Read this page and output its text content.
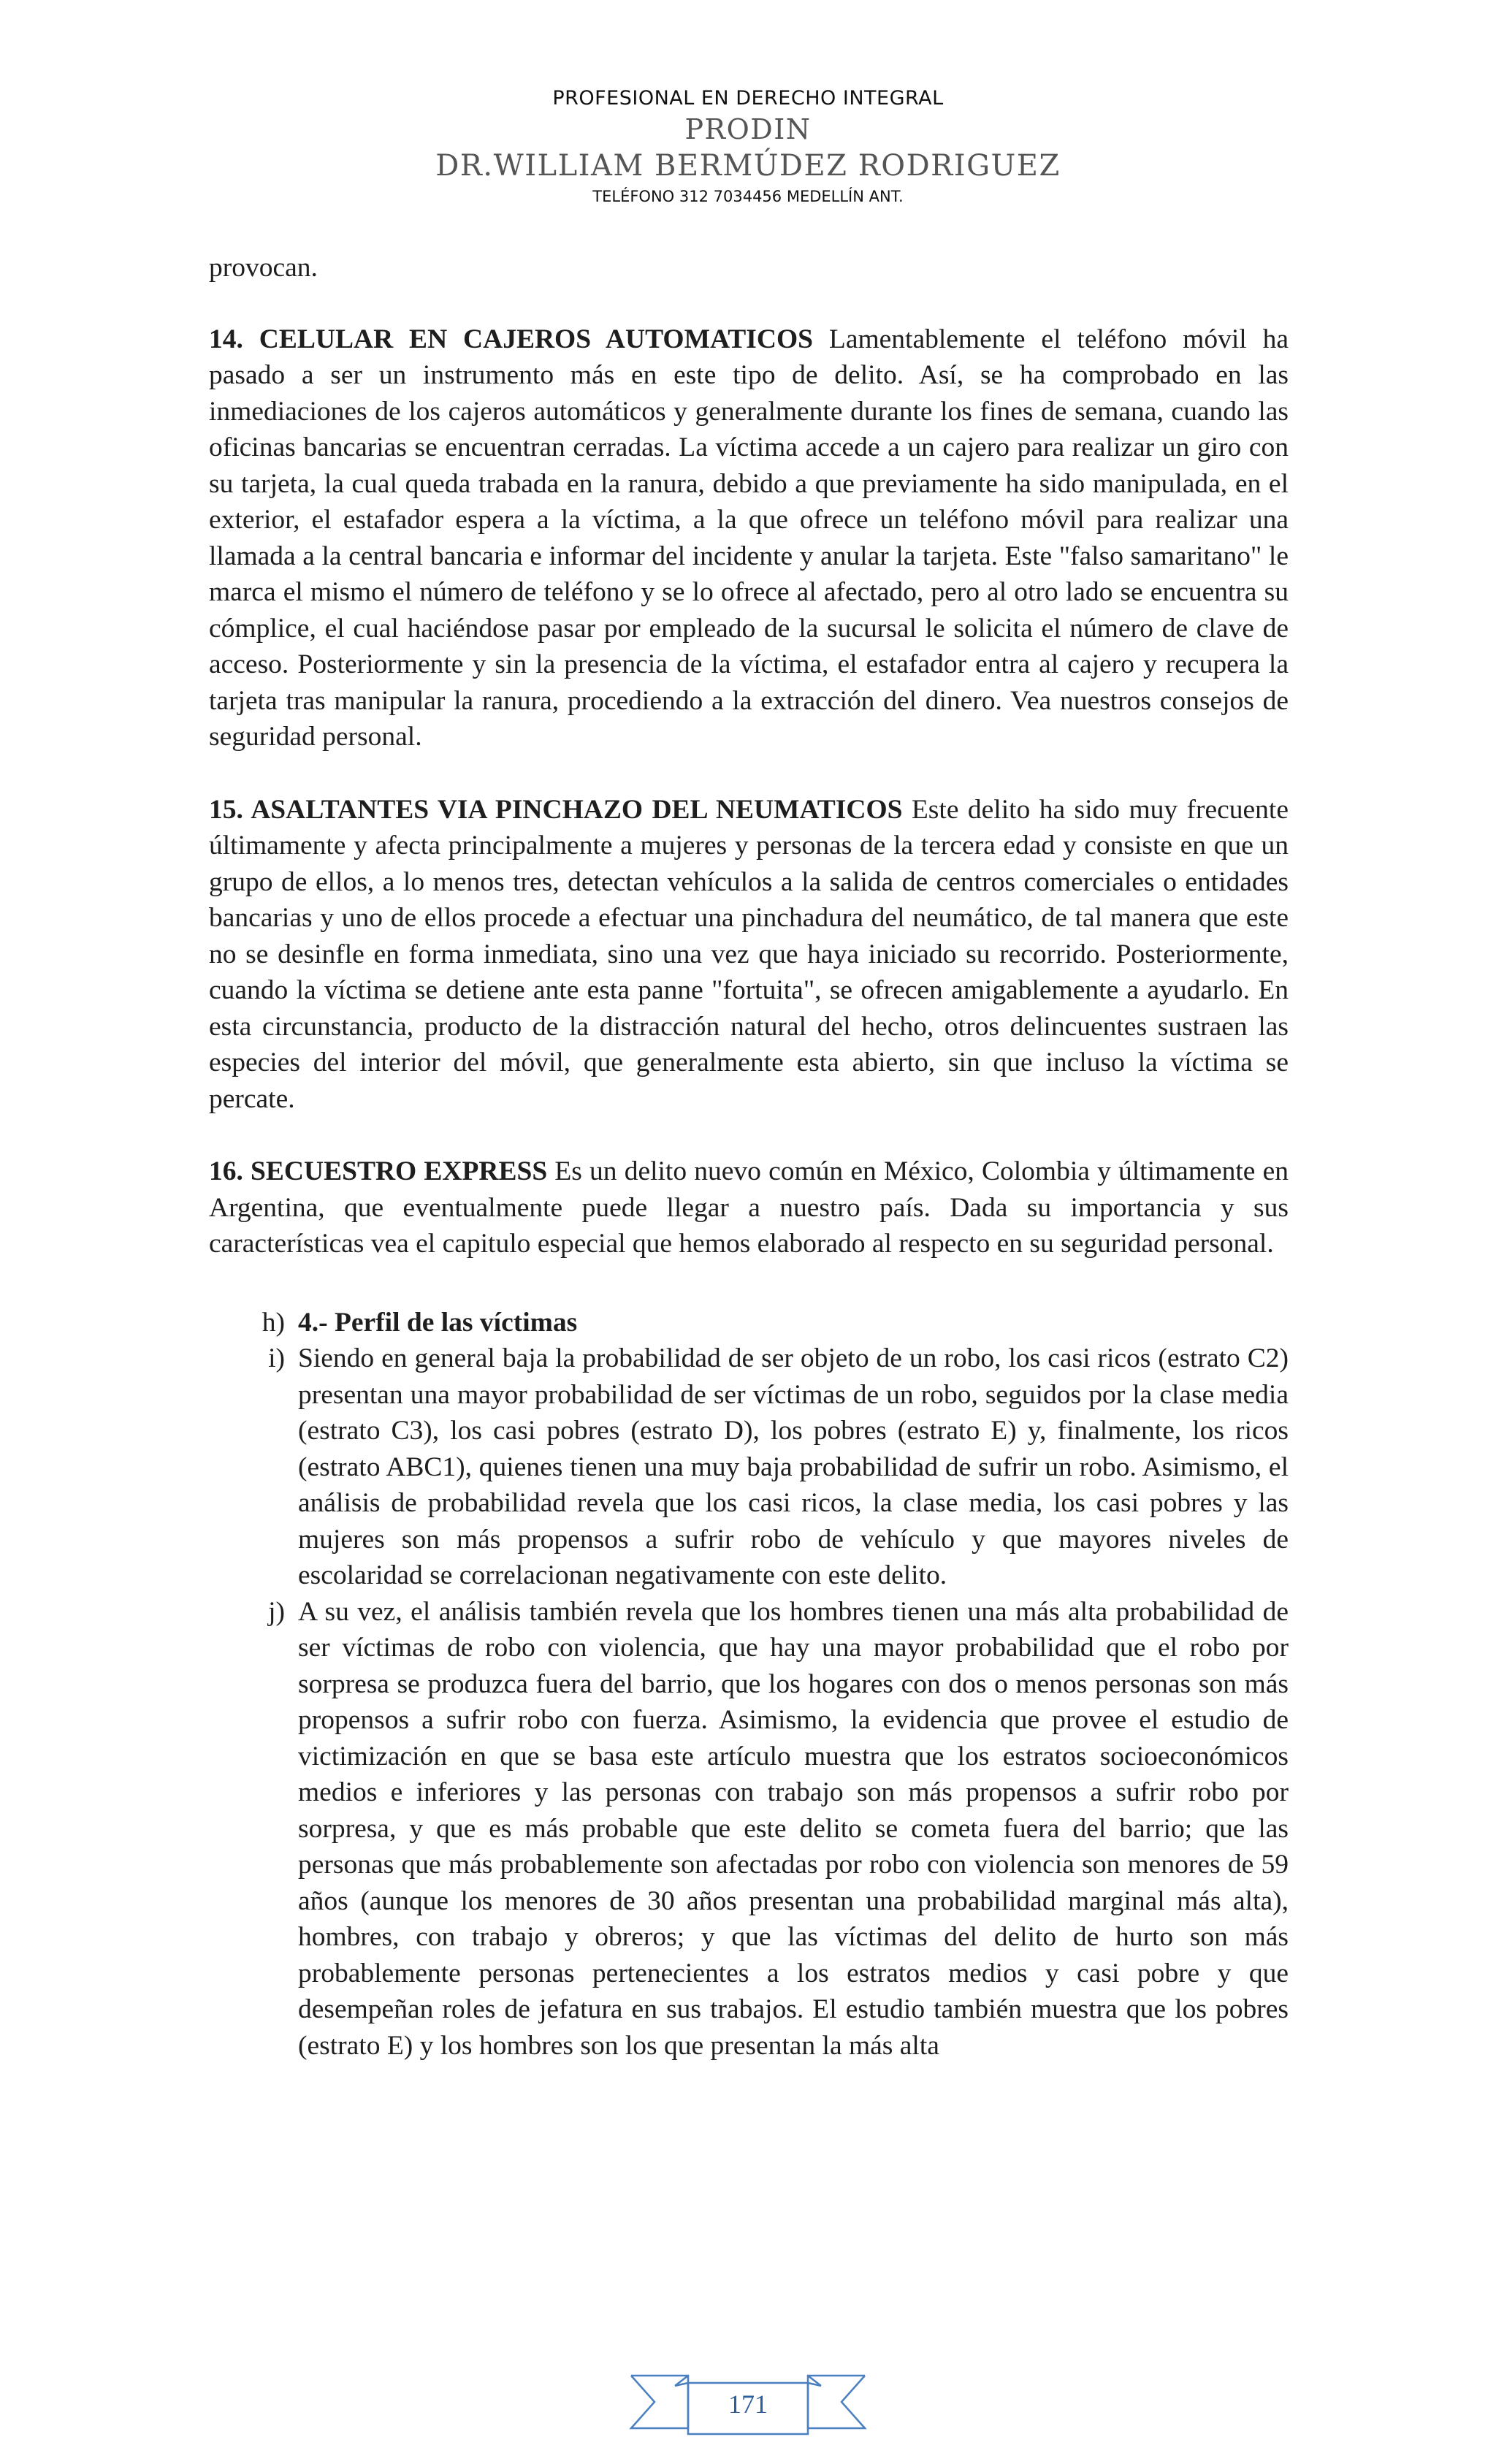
PROFESIONAL EN DERECHO INTEGRAL
PRODIN
DR.WILLIAM BERMÚDEZ RODRIGUEZ
TELÉFONO 312 7034456 MEDELLÍN ANT.

provocan.

14. CELULAR EN CAJEROS AUTOMATICOS Lamentablemente el teléfono móvil ha pasado a ser un instrumento más en este tipo de delito. Así, se ha comprobado en las inmediaciones de los cajeros automáticos y generalmente durante los fines de semana, cuando las oficinas bancarias se encuentran cerradas. La víctima accede a un cajero para realizar un giro con su tarjeta, la cual queda trabada en la ranura, debido a que previamente ha sido manipulada, en el exterior, el estafador espera a la víctima, a la que ofrece un teléfono móvil para realizar una llamada a la central bancaria e informar del incidente y anular la tarjeta. Este "falso samaritano" le marca el mismo el número de teléfono y se lo ofrece al afectado, pero al otro lado se encuentra su cómplice, el cual haciéndose pasar por empleado de la sucursal le solicita el número de clave de acceso. Posteriormente y sin la presencia de la víctima, el estafador entra al cajero y recupera la tarjeta tras manipular la ranura, procediendo a la extracción del dinero. Vea nuestros consejos de seguridad personal.

15. ASALTANTES VIA PINCHAZO DEL NEUMATICOS Este delito ha sido muy frecuente últimamente y afecta principalmente a mujeres y personas de la tercera edad y consiste en que un grupo de ellos, a lo menos tres, detectan vehículos a la salida de centros comerciales o entidades bancarias y uno de ellos procede a efectuar una pinchadura del neumático, de tal manera que este no se desinfle en forma inmediata, sino una vez que haya iniciado su recorrido. Posteriormente, cuando la víctima se detiene ante esta panne "fortuita", se ofrecen amigablemente a ayudarlo. En esta circunstancia, producto de la distracción natural del hecho, otros delincuentes sustraen las especies del interior del móvil, que generalmente esta abierto, sin que incluso la víctima se percate.

16. SECUESTRO EXPRESS Es un delito nuevo común en México, Colombia y últimamente en Argentina, que eventualmente puede llegar a nuestro país. Dada su importancia y sus características vea el capitulo especial que hemos elaborado al respecto en su seguridad personal.

h) 4.- Perfil de las víctimas
i) Siendo en general baja la probabilidad de ser objeto de un robo, los casi ricos (estrato C2) presentan una mayor probabilidad de ser víctimas de un robo, seguidos por la clase media (estrato C3), los casi pobres (estrato D), los pobres (estrato E) y, finalmente, los ricos (estrato ABC1), quienes tienen una muy baja probabilidad de sufrir un robo. Asimismo, el análisis de probabilidad revela que los casi ricos, la clase media, los casi pobres y las mujeres son más propensos a sufrir robo de vehículo y que mayores niveles de escolaridad se correlacionan negativamente con este delito.
j) A su vez, el análisis también revela que los hombres tienen una más alta probabilidad de ser víctimas de robo con violencia, que hay una mayor probabilidad que el robo por sorpresa se produzca fuera del barrio, que los hogares con dos o menos personas son más propensos a sufrir robo con fuerza. Asimismo, la evidencia que provee el estudio de victimización en que se basa este artículo muestra que los estratos socioeconómicos medios e inferiores y las personas con trabajo son más propensos a sufrir robo por sorpresa, y que es más probable que este delito se cometa fuera del barrio; que las personas que más probablemente son afectadas por robo con violencia son menores de 59 años (aunque los menores de 30 años presentan una probabilidad marginal más alta), hombres, con trabajo y obreros; y que las víctimas del delito de hurto son más probablemente personas pertenecientes a los estratos medios y casi pobre y que desempeñan roles de jefatura en sus trabajos. El estudio también muestra que los pobres (estrato E) y los hombres son los que presentan la más alta
171
